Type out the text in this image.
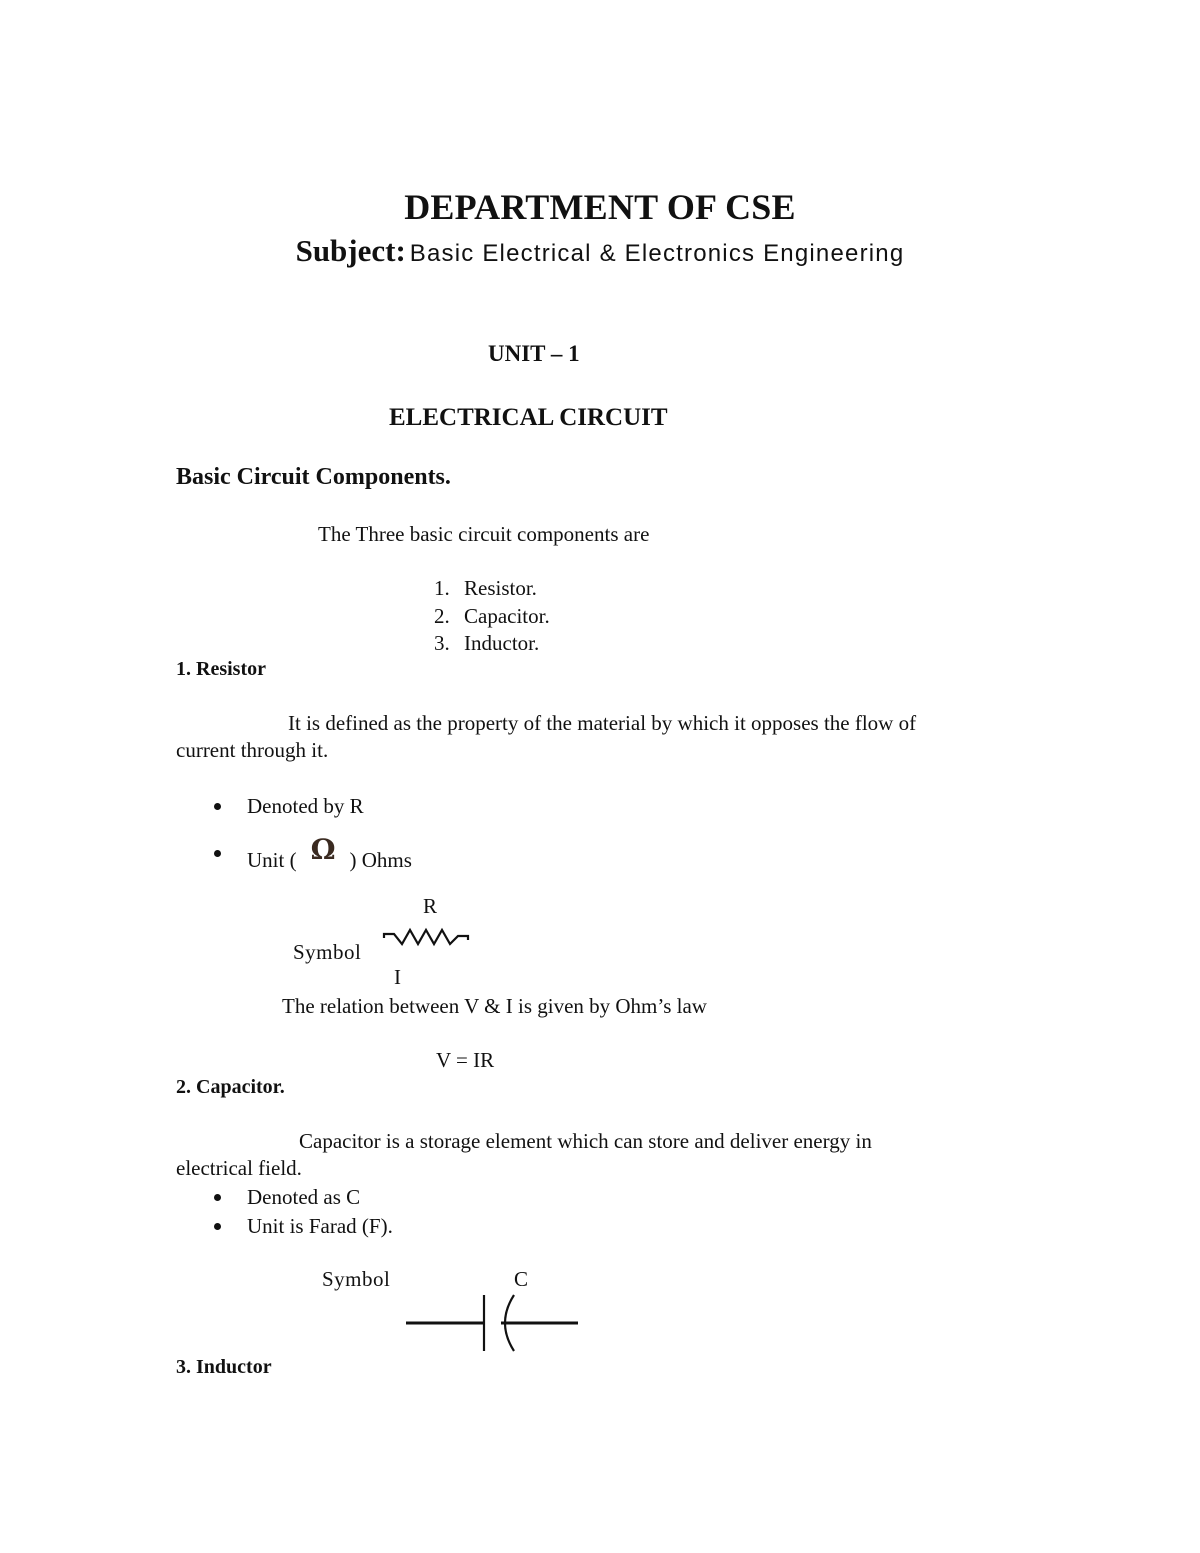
DEPARTMENT OF CSE
Subject: Basic Electrical & Electronics Engineering
UNIT – 1
ELECTRICAL CIRCUIT
Basic Circuit Components.
The Three basic circuit components are
1. Resistor.
2. Capacitor.
3. Inductor.
1. Resistor
It is defined as the property of the material by which it opposes the flow of
current through it.
Denoted by R
Unit ( Ω ) Ohms
R
Symbol
I
The relation between V & I is given by Ohm’s law
V = IR
2. Capacitor.
Capacitor is a storage element which can store and deliver energy in
electrical field.
Denoted as C
Unit is Farad (F).
Symbol	C
3. Inductor
